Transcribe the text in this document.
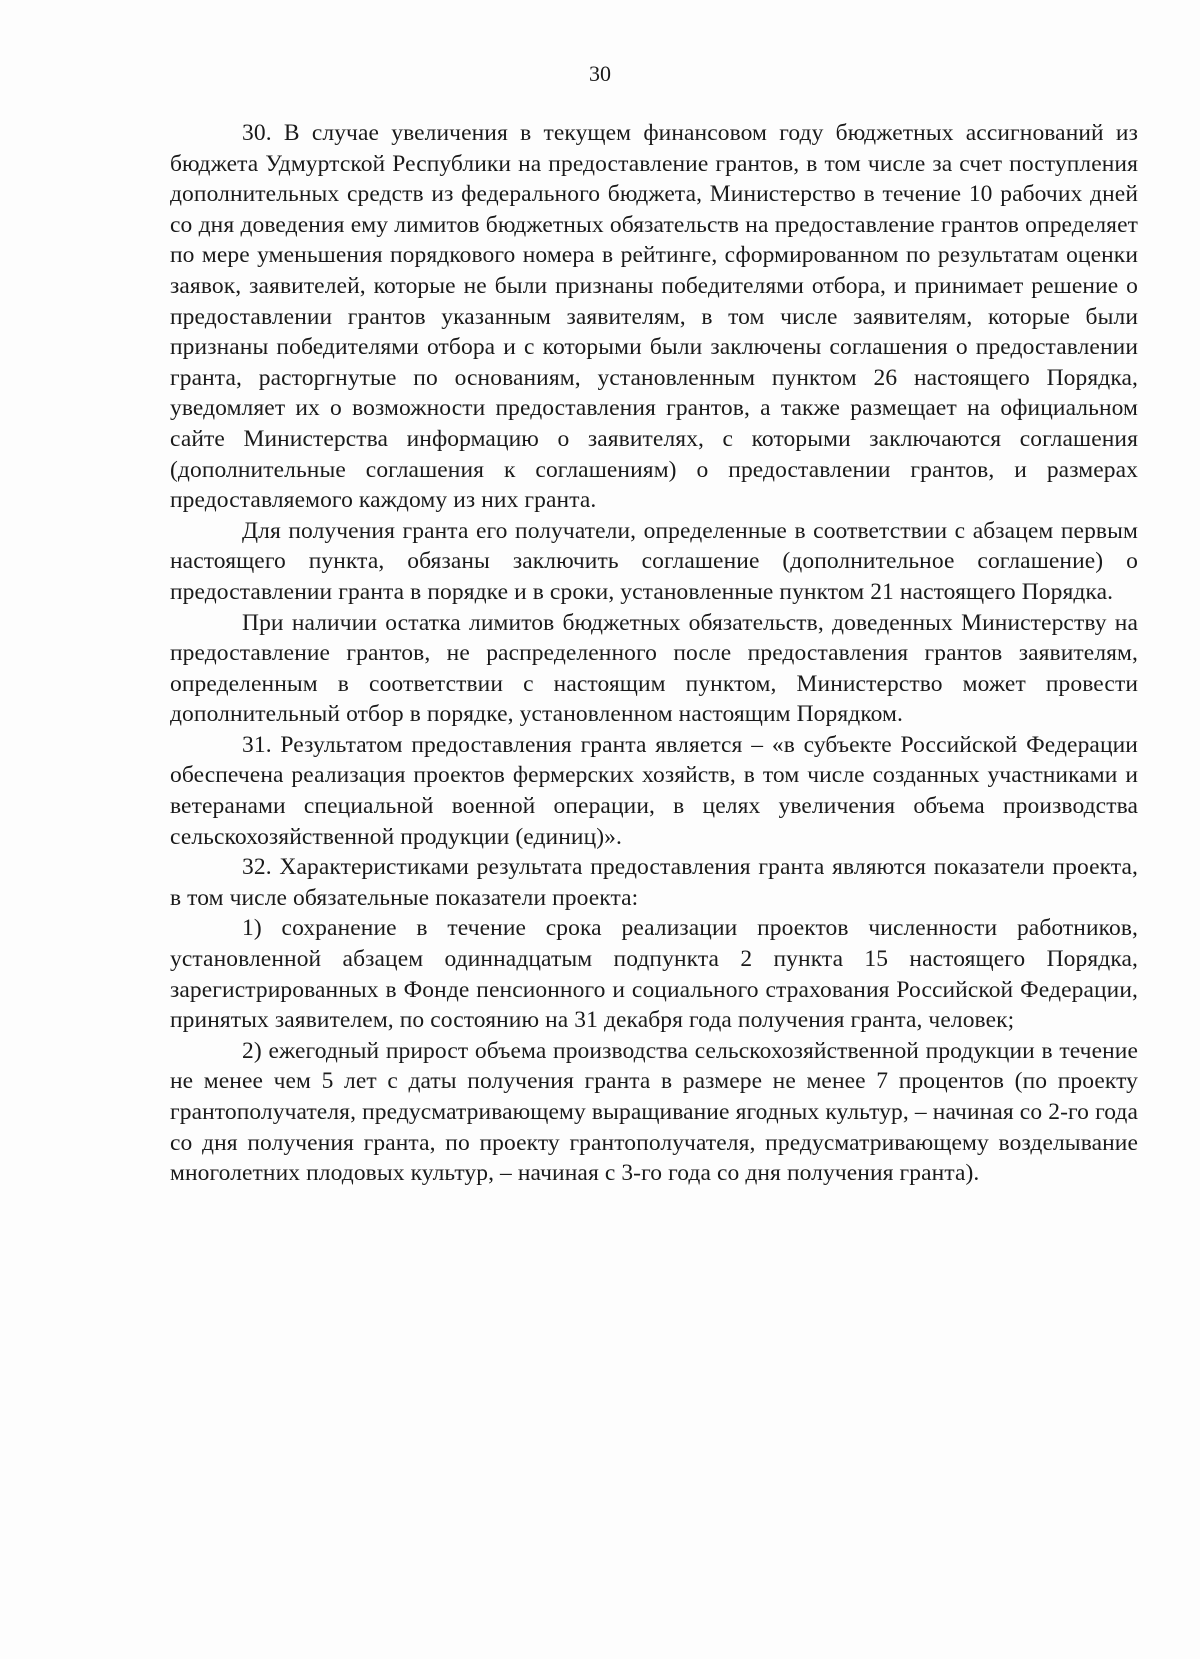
30

30. В случае увеличения в текущем финансовом году бюджетных ассигнований из бюджета Удмуртской Республики на предоставление грантов, в том числе за счет поступления дополнительных средств из федерального бюджета, Министерство в течение 10 рабочих дней со дня доведения ему лимитов бюджетных обязательств на предоставление грантов определяет по мере уменьшения порядкового номера в рейтинге, сформированном по результатам оценки заявок, заявителей, которые не были признаны победителями отбора, и принимает решение о предоставлении грантов указанным заявителям, в том числе заявителям, которые были признаны победителями отбора и с которыми были заключены соглашения о предоставлении гранта, расторгнутые по основаниям, установленным пунктом 26 настоящего Порядка, уведомляет их о возможности предоставления грантов, а также размещает на официальном сайте Министерства информацию о заявителях, с которыми заключаются соглашения (дополнительные соглашения к соглашениям) о предоставлении грантов, и размерах предоставляемого каждому из них гранта.

Для получения гранта его получатели, определенные в соответствии с абзацем первым настоящего пункта, обязаны заключить соглашение (дополнительное соглашение) о предоставлении гранта в порядке и в сроки, установленные пунктом 21 настоящего Порядка.

При наличии остатка лимитов бюджетных обязательств, доведенных Министерству на предоставление грантов, не распределенного после предоставления грантов заявителям, определенным в соответствии с настоящим пунктом, Министерство может провести дополнительный отбор в порядке, установленном настоящим Порядком.

31. Результатом предоставления гранта является – «в субъекте Российской Федерации обеспечена реализация проектов фермерских хозяйств, в том числе созданных участниками и ветеранами специальной военной операции, в целях увеличения объема производства сельскохозяйственной продукции (единиц)».

32. Характеристиками результата предоставления гранта являются показатели проекта, в том числе обязательные показатели проекта:

1) сохранение в течение срока реализации проектов численности работников, установленной абзацем одиннадцатым подпункта 2 пункта 15 настоящего Порядка, зарегистрированных в Фонде пенсионного и социального страхования Российской Федерации, принятых заявителем, по состоянию на 31 декабря года получения гранта, человек;

2) ежегодный прирост объема производства сельскохозяйственной продукции в течение не менее чем 5 лет с даты получения гранта в размере не менее 7 процентов (по проекту грантополучателя, предусматривающему выращивание ягодных культур, – начиная со 2-го года со дня получения гранта, по проекту грантополучателя, предусматривающему возделывание многолетних плодовых культур, – начиная с 3-го года со дня получения гранта).
